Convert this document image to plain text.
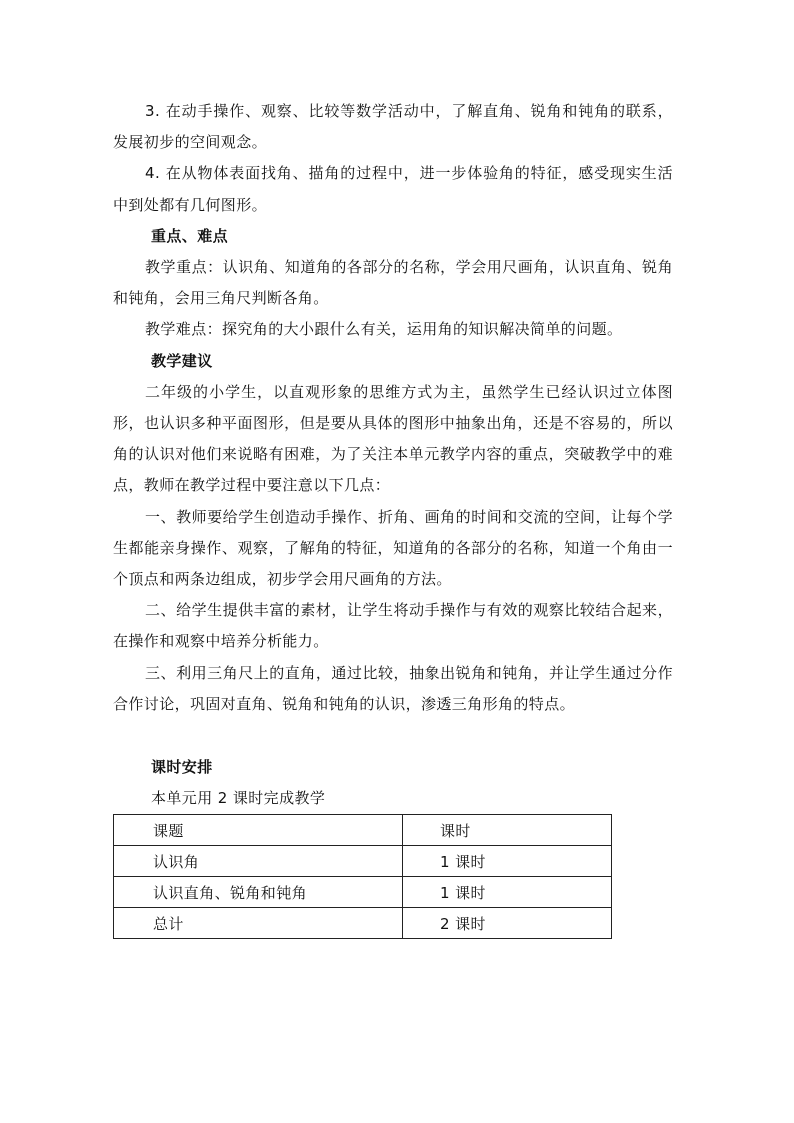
3. 在动手操作、观察、比较等数学活动中，了解直角、锐角和钝角的联系，发展初步的空间观念。

4. 在从物体表面找角、描角的过程中，进一步体验角的特征，感受现实生活中到处都有几何图形。

重点、难点

教学重点：认识角、知道角的各部分的名称，学会用尺画角，认识直角、锐角和钝角，会用三角尺判断各角。

教学难点：探究角的大小跟什么有关，运用角的知识解决简单的问题。

教学建议

二年级的小学生，以直观形象的思维方式为主，虽然学生已经认识过立体图形，也认识多种平面图形，但是要从具体的图形中抽象出角，还是不容易的，所以角的认识对他们来说略有困难，为了关注本单元教学内容的重点，突破教学中的难点，教师在教学过程中要注意以下几点：

一、教师要给学生创造动手操作、折角、画角的时间和交流的空间，让每个学生都能亲身操作、观察，了解角的特征，知道角的各部分的名称，知道一个角由一个顶点和两条边组成，初步学会用尺画角的方法。

二、给学生提供丰富的素材，让学生将动手操作与有效的观察比较结合起来，在操作和观察中培养分析能力。

三、利用三角尺上的直角，通过比较，抽象出锐角和钝角，并让学生通过分作合作讨论，巩固对直角、锐角和钝角的认识，渗透三角形角的特点。

课时安排

本单元用 2 课时完成教学

课题	课时
认识角	1 课时
认识直角、锐角和钝角	1 课时
总计	2 课时
